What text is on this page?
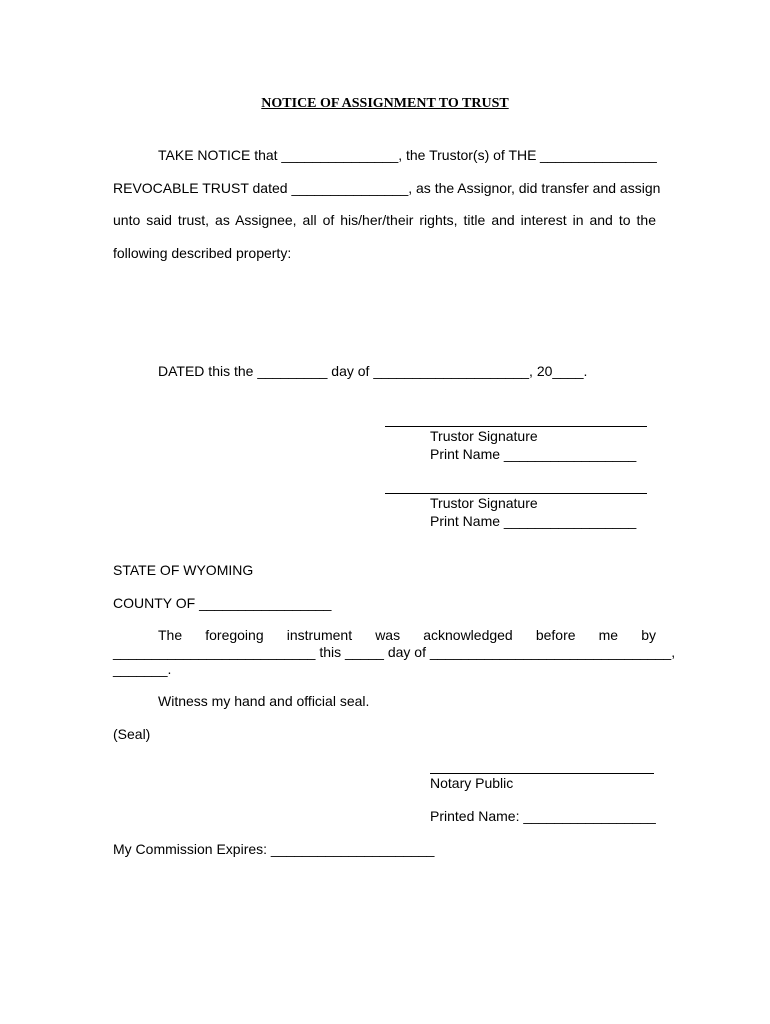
NOTICE OF ASSIGNMENT TO TRUST
TAKE NOTICE that _______________, the Trustor(s) of THE _______________
REVOCABLE TRUST dated _______________, as the Assignor, did transfer and assign
unto said trust, as Assignee, all of his/her/their rights, title and interest in and to the
following described property:
DATED this the _________ day of ____________________, 20____.
Trustor Signature
Print Name _________________
Trustor Signature
Print Name _________________
STATE OF WYOMING
COUNTY OF _________________
The foregoing instrument was acknowledged before me by
__________________________ this _____ day of _______________________________,
_______.
Witness my hand and official seal.
(Seal)
Notary Public
Printed Name: _________________
My Commission Expires: _____________________
